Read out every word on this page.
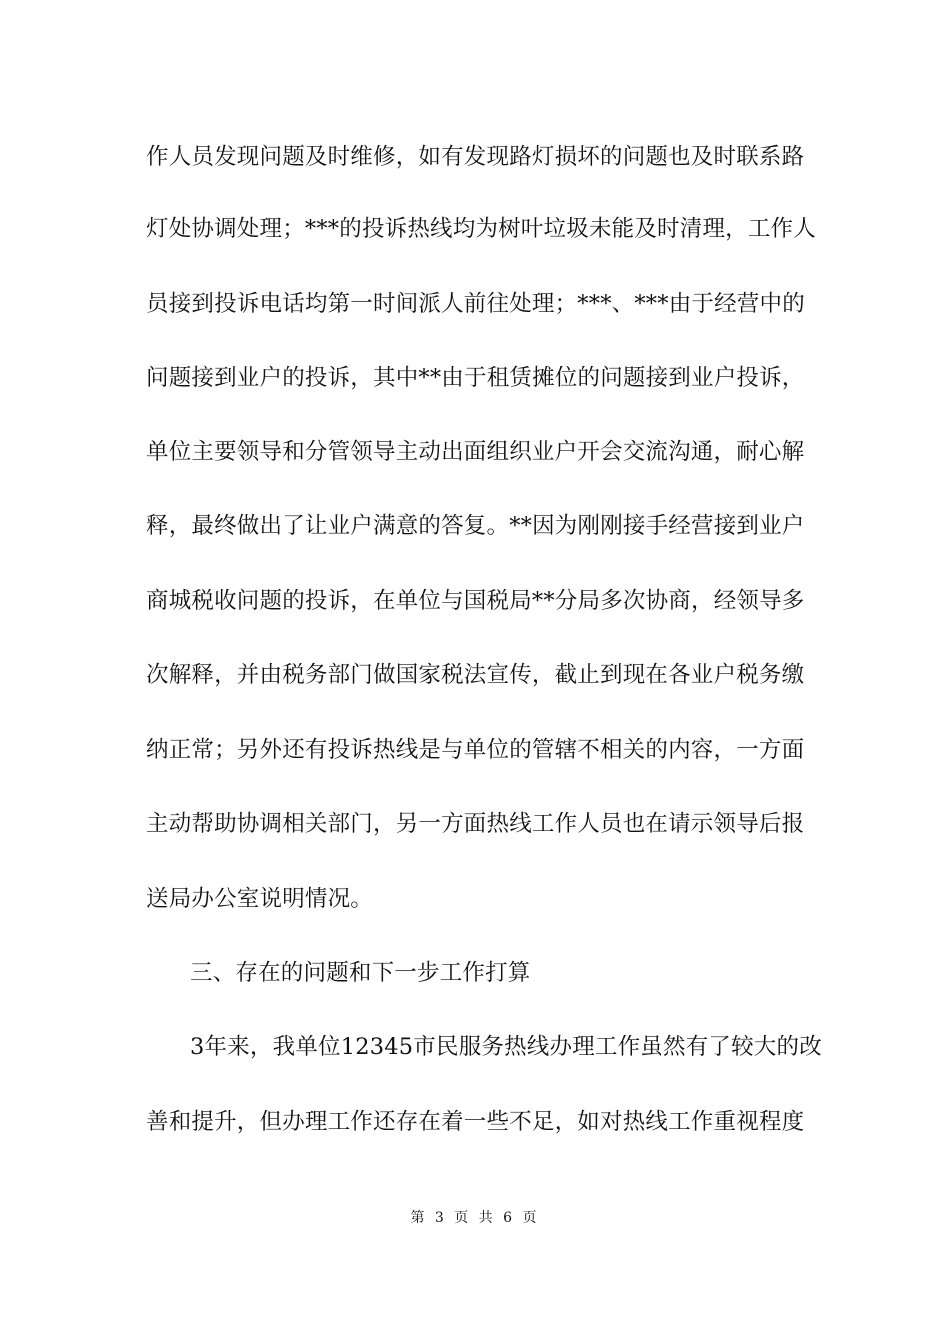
作人员发现问题及时维修，如有发现路灯损坏的问题也及时联系路
灯处协调处理；***的投诉热线均为树叶垃圾未能及时清理，工作人
员接到投诉电话均第一时间派人前往处理；***、***由于经营中的
问题接到业户的投诉，其中**由于租赁摊位的问题接到业户投诉，
单位主要领导和分管领导主动出面组织业户开会交流沟通，耐心解
释，最终做出了让业户满意的答复。**因为刚刚接手经营接到业户
商城税收问题的投诉，在单位与国税局**分局多次协商，经领导多
次解释，并由税务部门做国家税法宣传，截止到现在各业户税务缴
纳正常；另外还有投诉热线是与单位的管辖不相关的内容，一方面
主动帮助协调相关部门，另一方面热线工作人员也在请示领导后报
送局办公室说明情况。
三、存在的问题和下一步工作打算
3年来，我单位12345市民服务热线办理工作虽然有了较大的改
善和提升，但办理工作还存在着一些不足，如对热线工作重视程度
第 3 页 共 6 页
